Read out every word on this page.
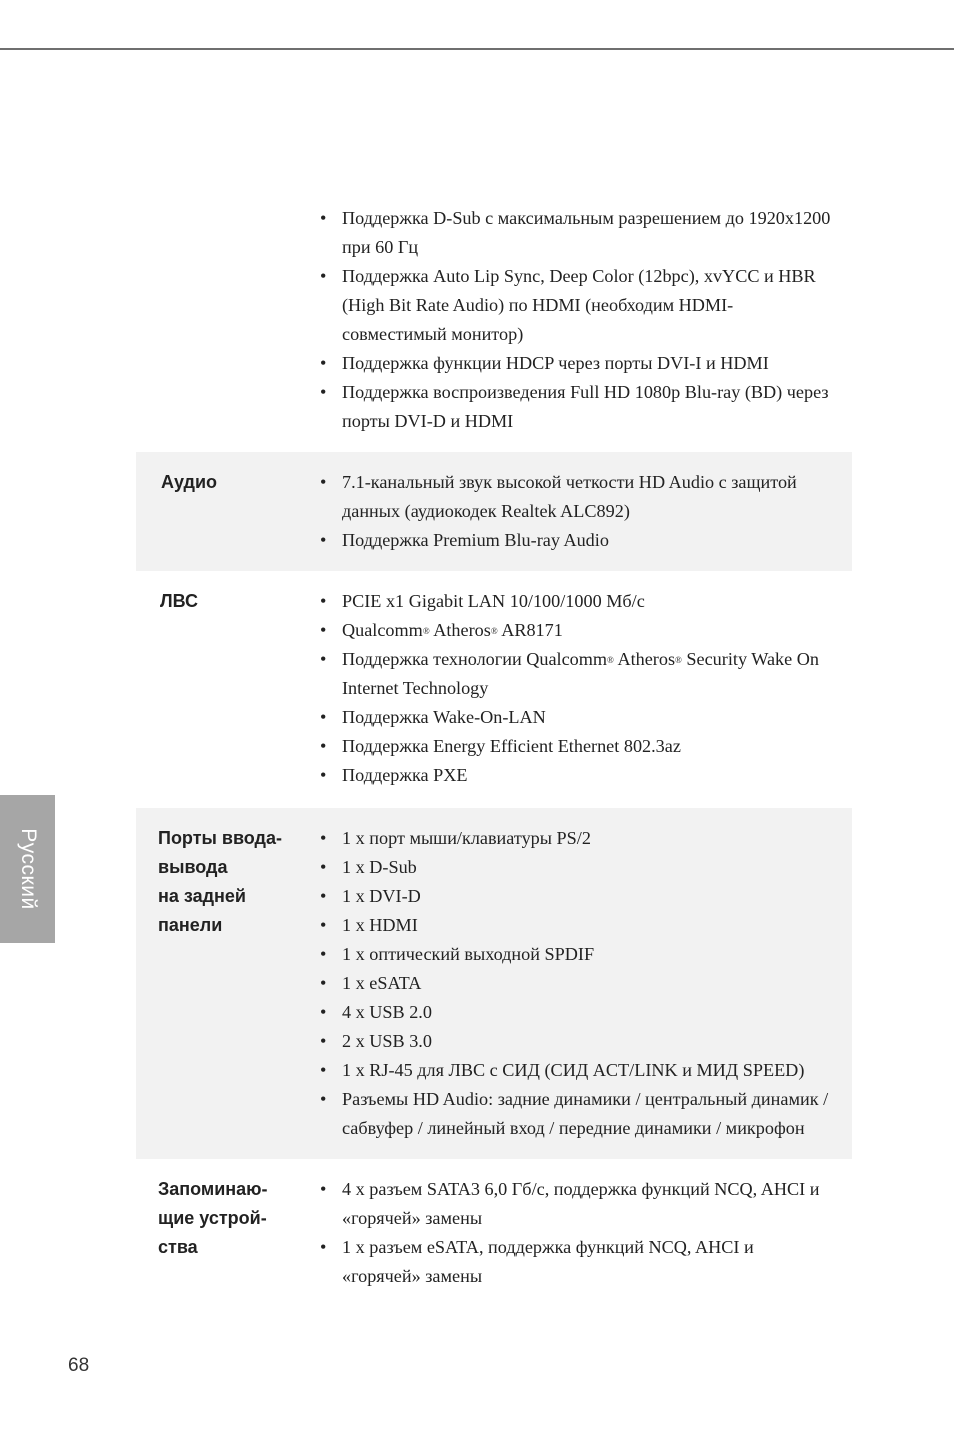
• Поддержка D-Sub с максимальным разрешением до 1920x1200 при 60 Гц
• Поддержка Auto Lip Sync, Deep Color (12bpc), xvYCC и HBR (High Bit Rate Audio) по HDMI (необходим HDMI-совместимый монитор)
• Поддержка функции HDCP через порты DVI-I и HDMI
• Поддержка воспроизведения Full HD 1080p Blu-ray (BD) через порты DVI-D и HDMI
Аудио	• 7.1-канальный звук высокой четкости HD Audio с защитой данных (аудиокодек Realtek ALC892)
• Поддержка Premium Blu-ray Audio
ЛВС	• PCIE x1 Gigabit LAN 10/100/1000 Мб/с
• Qualcomm® Atheros® AR8171
• Поддержка технологии Qualcomm® Atheros® Security Wake On Internet Technology
• Поддержка Wake-On-LAN
• Поддержка Energy Efficient Ethernet 802.3az
• Поддержка PXE
Порты ввода-
вывода
на задней
панели
• 1 x порт мыши/клавиатуры PS/2
• 1 x D-Sub
• 1 x DVI-D
• 1 x HDMI
• 1 x оптический выходной SPDIF
• 1 x eSATA
• 4 x USB 2.0
• 2 x USB 3.0
• 1 x RJ-45 для ЛВС с СИД (СИД ACT/LINK и МИД SPEED)
• Разъемы HD Audio: задние динамики / центральный динамик / сабвуфер / линейный вход / передние динамики / микрофон
Запоминаю-
щие устрой-
ства
• 4 x разъем SATA3 6,0 Гб/с, поддержка функций NCQ, AHCI и «горячей» замены
• 1 x разъем eSATA, поддержка функций NCQ, AHCI и «горячей» замены
Русский
68
